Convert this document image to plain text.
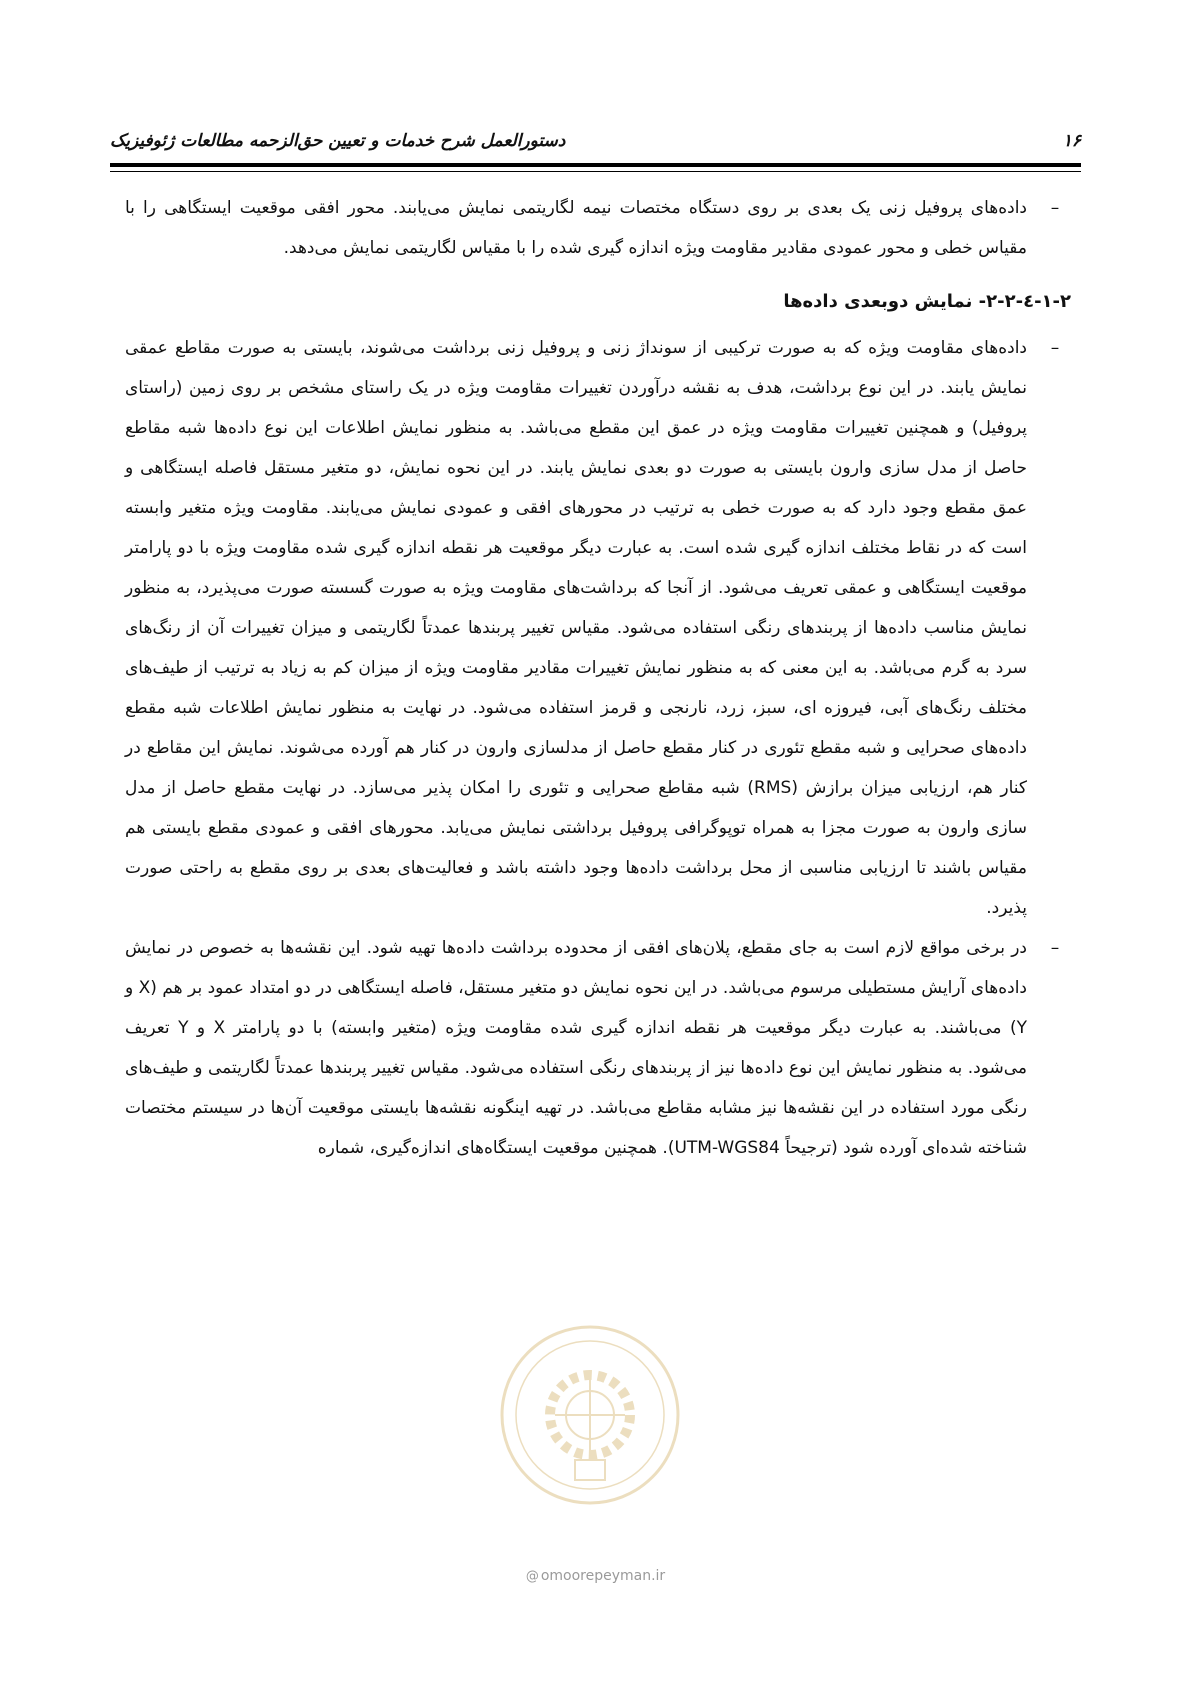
دستورالعمل شرح خدمات و تعیین حق‌الزحمه مطالعات ژئوفیزیک	۱۶

–
داده‌های پروفیل زنی یک بعدی بر روی دستگاه مختصات نیمه لگاریتمی نمایش می‌یابند. محور افقی موقعیت ایستگاهی را با مقیاس خطی و محور عمودی مقادیر مقاومت ویژه اندازه گیری شده را با مقیاس لگاریتمی نمایش می‌دهد.

۱-۲-٤-۲-۲- نمایش دوبعدی داده‌ها

–
داده‌های مقاومت ویژه که به صورت ترکیبی از سونداژ زنی و پروفیل زنی برداشت می‌شوند، بایستی به صورت مقاطع عمقی نمایش یابند. در این نوع برداشت، هدف به نقشه درآوردن تغییرات مقاومت ویژه در یک راستای مشخص بر روی زمین (راستای پروفیل) و همچنین تغییرات مقاومت ویژه در عمق این مقطع می‌باشد. به منظور نمایش اطلاعات این نوع داده‌ها شبه مقاطع حاصل از مدل سازی وارون بایستی به صورت دو بعدی نمایش یابند. در این نحوه نمایش، دو متغیر مستقل فاصله ایستگاهی و عمق مقطع وجود دارد که به صورت خطی به ترتیب در محورهای افقی و عمودی نمایش می‌یابند. مقاومت ویژه متغیر وابسته است که در نقاط مختلف اندازه گیری شده است. به عبارت دیگر موقعیت هر نقطه اندازه گیری شده مقاومت ویژه با دو پارامتر موقعیت ایستگاهی و عمقی تعریف می‌شود. از آنجا که برداشت‌های مقاومت ویژه به صورت گسسته صورت می‌پذیرد، به منظور نمایش مناسب داده‌ها از پربندهای رنگی استفاده می‌شود. مقیاس تغییر پربندها عمدتاً لگاریتمی و میزان تغییرات آن از رنگ‌های سرد به گرم می‌باشد. به این معنی که به منظور نمایش تغییرات مقادیر مقاومت ویژه از میزان کم به زیاد به ترتیب از طیف‌های مختلف رنگ‌های آبی، فیروزه ای، سبز، زرد، نارنجی و قرمز استفاده می‌شود. در نهایت به منظور نمایش اطلاعات شبه مقطع داده‌های صحرایی و شبه مقطع تئوری در کنار مقطع حاصل از مدلسازی وارون در کنار هم آورده می‌شوند. نمایش این مقاطع در کنار هم، ارزیابی میزان برازش (RMS) شبه مقاطع صحرایی و تئوری را امکان پذیر می‌سازد. در نهایت مقطع حاصل از مدل سازی وارون به صورت مجزا به همراه توپوگرافی پروفیل برداشتی نمایش می‌یابد. محورهای افقی و عمودی مقطع بایستی هم مقیاس باشند تا ارزیابی مناسبی از محل برداشت داده‌ها وجود داشته باشد و فعالیت‌های بعدی بر روی مقطع به راحتی صورت پذیرد.

–
در برخی مواقع لازم است به جای مقطع، پلان‌های افقی از محدوده برداشت داده‌ها تهیه شود. این نقشه‌ها به خصوص در نمایش داده‌های آرایش مستطیلی مرسوم می‌باشد. در این نحوه نمایش دو متغیر مستقل، فاصله ایستگاهی در دو امتداد عمود بر هم (X و Y) می‌باشند. به عبارت دیگر موقعیت هر نقطه اندازه گیری شده مقاومت ویژه (متغیر وابسته) با دو پارامتر X و Y تعریف می‌شود. به منظور نمایش این نوع داده‌ها نیز از پربندهای رنگی استفاده می‌شود. مقیاس تغییر پربندها عمدتاً لگاریتمی و طیف‌های رنگی مورد استفاده در این نقشه‌ها نیز مشابه مقاطع می‌باشد. در تهیه اینگونه نقشه‌ها بایستی موقعیت آن‌ها در سیستم مختصات شناخته شده‌ای آورده شود (ترجیحاً UTM-WGS84). همچنین موقعیت ایستگاه‌های اندازه‌گیری، شماره

@ omoorepeyman.ir
